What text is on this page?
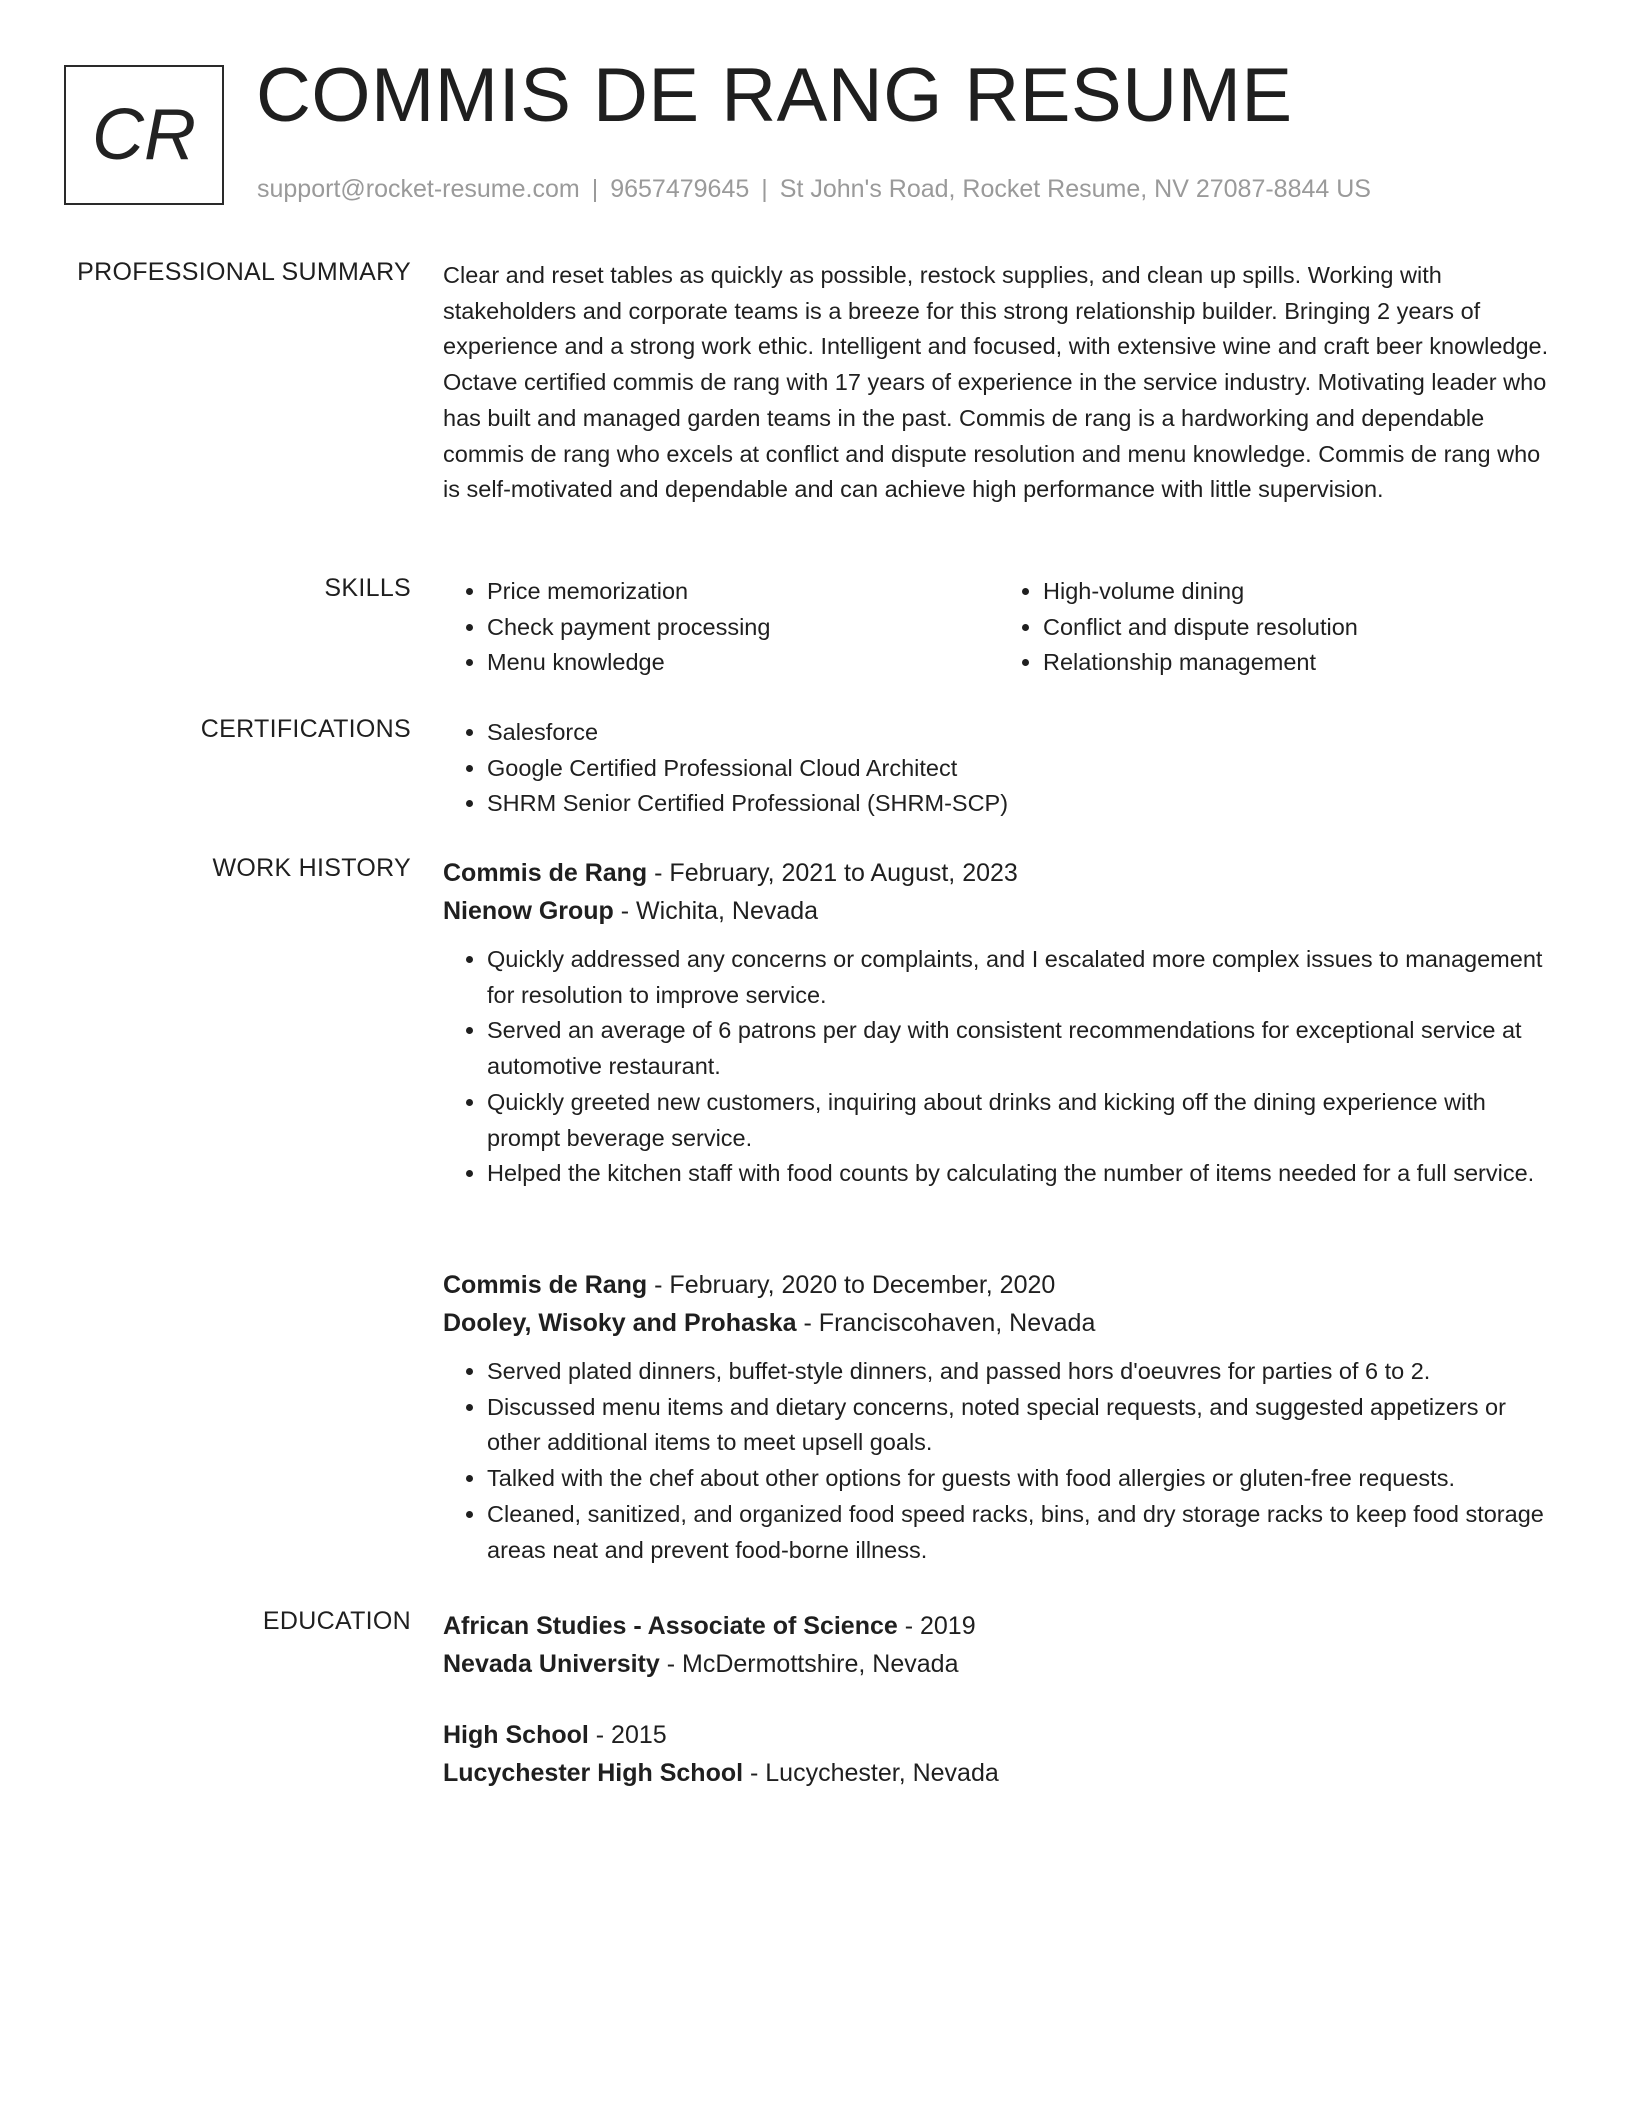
CR COMMIS DE RANG RESUME
support@rocket-resume.com | 9657479645 | St John's Road, Rocket Resume, NV 27087-8844 US
PROFESSIONAL SUMMARY Clear and reset tables as quickly as possible, restock supplies, and clean up spills. Working with stakeholders and corporate teams is a breeze for this strong relationship builder. Bringing 2 years of experience and a strong work ethic. Intelligent and focused, with extensive wine and craft beer knowledge. Octave certified commis de rang with 17 years of experience in the service industry. Motivating leader who has built and managed garden teams in the past. Commis de rang is a hardworking and dependable commis de rang who excels at conflict and dispute resolution and menu knowledge. Commis de rang who is self-motivated and dependable and can achieve high performance with little supervision.
SKILLS	• Price memorization
• Check payment processing
• Menu knowledge
• High-volume dining
• Conflict and dispute resolution
• Relationship management
CERTIFICATIONS	• Salesforce
• Google Certified Professional Cloud Architect
• SHRM Senior Certified Professional (SHRM-SCP)
WORK HISTORY Commis de Rang - February, 2021 to August, 2023
Nienow Group - Wichita, Nevada
• Quickly addressed any concerns or complaints, and I escalated more complex issues to management for resolution to improve service.
• Served an average of 6 patrons per day with consistent recommendations for exceptional service at automotive restaurant.
• Quickly greeted new customers, inquiring about drinks and kicking off the dining experience with prompt beverage service.
• Helped the kitchen staff with food counts by calculating the number of items needed for a full service.
Commis de Rang - February, 2020 to December, 2020
Dooley, Wisoky and Prohaska - Franciscohaven, Nevada
• Served plated dinners, buffet-style dinners, and passed hors d'oeuvres for parties of 6 to 2.
• Discussed menu items and dietary concerns, noted special requests, and suggested appetizers or other additional items to meet upsell goals.
• Talked with the chef about other options for guests with food allergies or gluten-free requests.
• Cleaned, sanitized, and organized food speed racks, bins, and dry storage racks to keep food storage areas neat and prevent food-borne illness.
EDUCATION African Studies - Associate of Science - 2019
Nevada University - McDermottshire, Nevada
High School - 2015
Lucychester High School - Lucychester, Nevada
